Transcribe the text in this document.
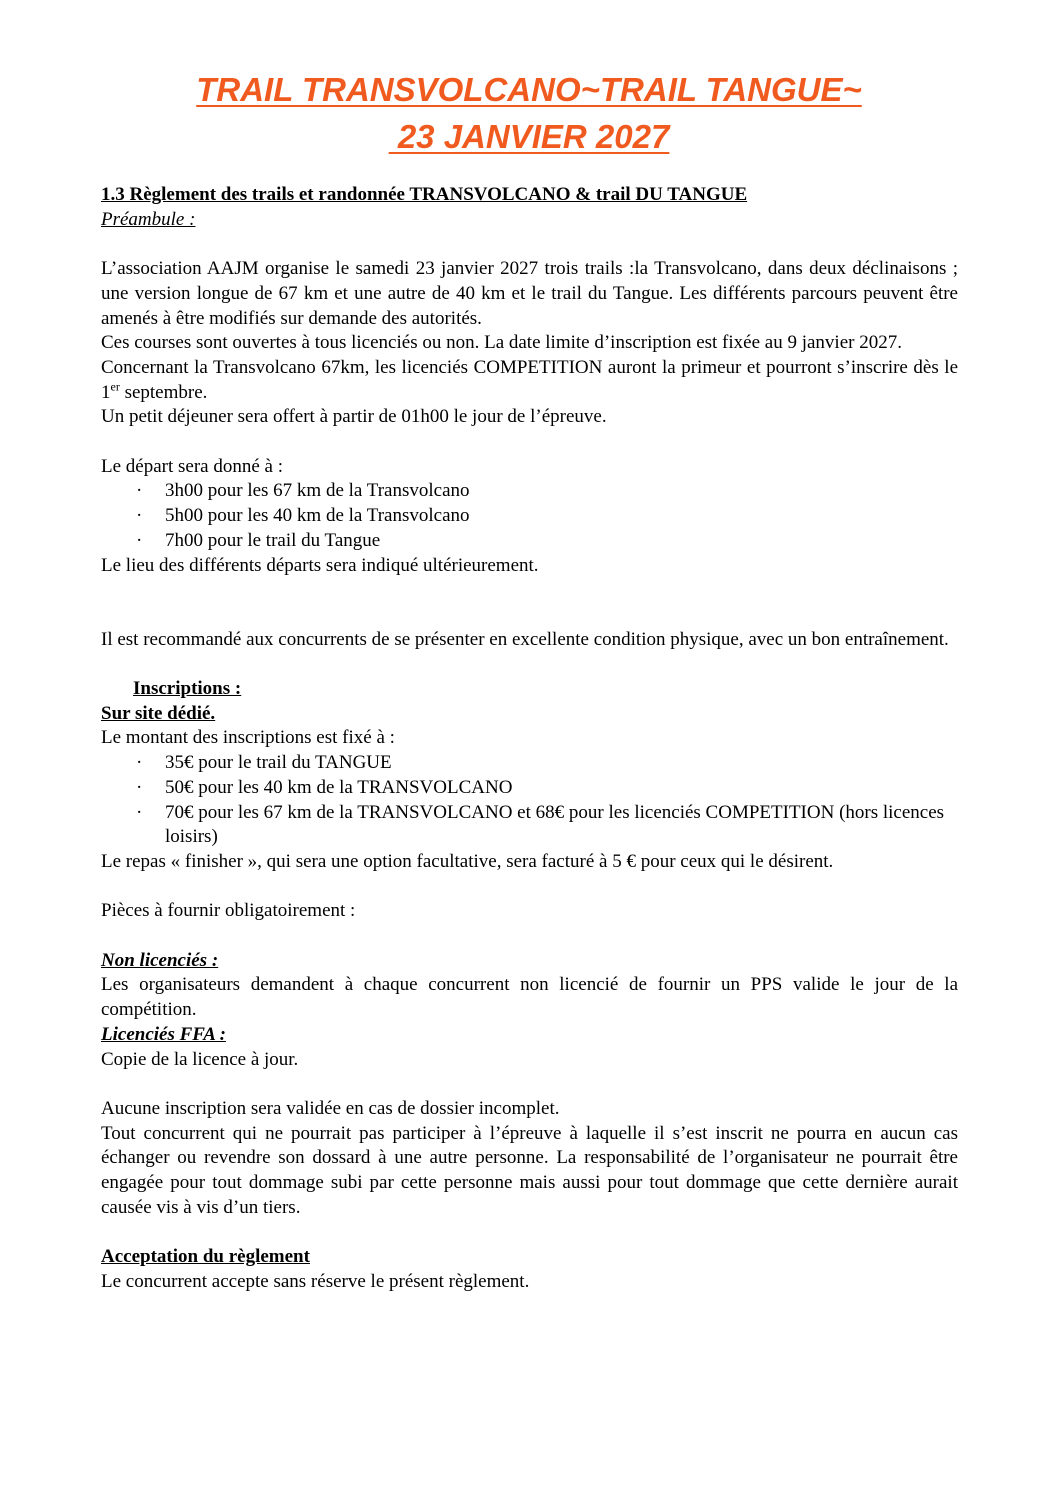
TRAIL TRANSVOLCANO~TRAIL TANGUE~
23 JANVIER 2027

1.3 Règlement des trails et randonnée TRANSVOLCANO & trail DU TANGUE

Préambule :

L’association AAJM organise le samedi 23 janvier 2027 trois trails :la Transvolcano, dans deux déclinaisons ; une version longue de 67 km et une autre de 40 km et le trail du Tangue. Les différents parcours peuvent être amenés à être modifiés sur demande des autorités.

Ces courses sont ouvertes à tous licenciés ou non. La date limite d’inscription est fixée au 9 janvier 2027.

Concernant la Transvolcano 67km, les licenciés COMPETITION auront la primeur et pourront s’inscrire dès le 1er septembre.

Un petit déjeuner sera offert à partir de 01h00 le jour de l’épreuve.

Le départ sera donné à :

· 3h00 pour les 67 km de la Transvolcano
· 5h00 pour les 40 km de la Transvolcano
· 7h00 pour le trail du Tangue

Le lieu des différents départs sera indiqué ultérieurement.

Il est recommandé aux concurrents de se présenter en excellente condition physique, avec un bon entraînement.

Inscriptions :

Sur site dédié.

Le montant des inscriptions est fixé à :

· 35€ pour le trail du TANGUE
· 50€ pour les 40 km de la TRANSVOLCANO
· 70€ pour les 67 km de la TRANSVOLCANO et 68€ pour les licenciés COMPETITION (hors licences loisirs)

Le repas « finisher », qui sera une option facultative, sera facturé à 5 € pour ceux qui le désirent.

Pièces à fournir obligatoirement :

Non licenciés :

Les organisateurs demandent à chaque concurrent non licencié de fournir un PPS valide le jour de la compétition.

Licenciés FFA :

Copie de la licence à jour.

Aucune inscription sera validée en cas de dossier incomplet.

Tout concurrent qui ne pourrait pas participer à l’épreuve à laquelle il s’est inscrit ne pourra en aucun cas échanger ou revendre son dossard à une autre personne. La responsabilité de l’organisateur ne pourrait être engagée pour tout dommage subi par cette personne mais aussi pour tout dommage que cette dernière aurait causée vis à vis d’un tiers.

Acceptation du règlement

Le concurrent accepte sans réserve le présent règlement.
